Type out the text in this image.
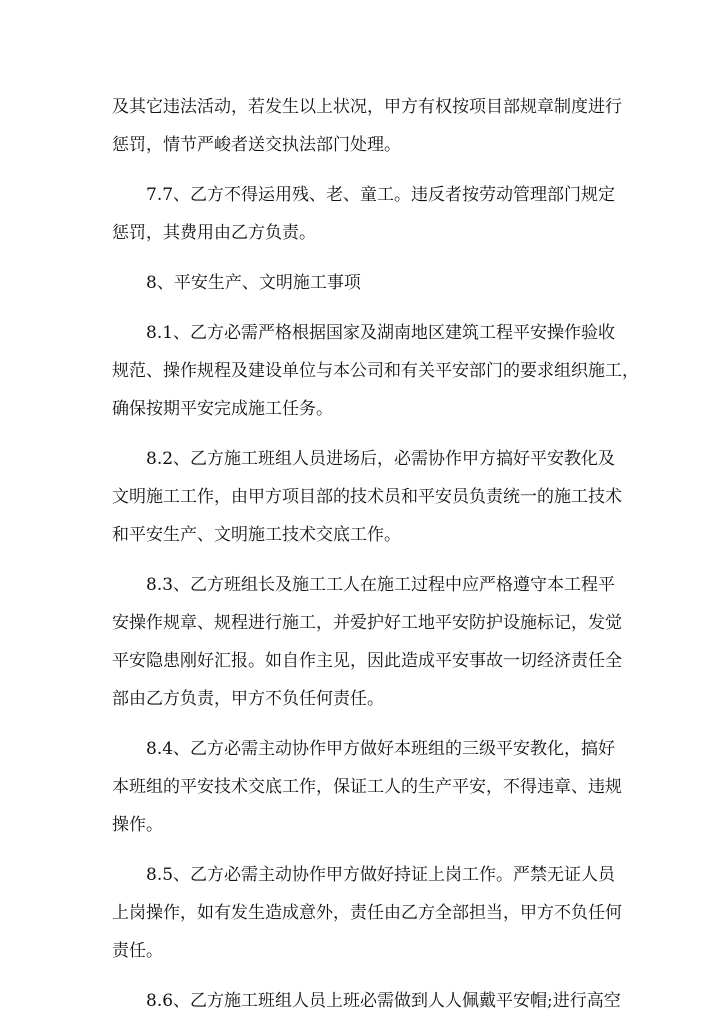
及其它违法活动，若发生以上状况，甲方有权按项目部规章制度进行
惩罚，情节严峻者送交执法部门处理。
7.7、乙方不得运用残、老、童工。违反者按劳动管理部门规定
惩罚，其费用由乙方负责。
8、平安生产、文明施工事项
8.1、乙方必需严格根据国家及湖南地区建筑工程平安操作验收
规范、操作规程及建设单位与本公司和有关平安部门的要求组织施工，
确保按期平安完成施工任务。
8.2、乙方施工班组人员进场后，必需协作甲方搞好平安教化及
文明施工工作，由甲方项目部的技术员和平安员负责统一的施工技术
和平安生产、文明施工技术交底工作。
8.3、乙方班组长及施工工人在施工过程中应严格遵守本工程平
安操作规章、规程进行施工，并爱护好工地平安防护设施标记，发觉
平安隐患刚好汇报。如自作主见，因此造成平安事故一切经济责任全
部由乙方负责，甲方不负任何责任。
8.4、乙方必需主动协作甲方做好本班组的三级平安教化，搞好
本班组的平安技术交底工作，保证工人的生产平安，不得违章、违规
操作。
8.5、乙方必需主动协作甲方做好持证上岗工作。严禁无证人员
上岗操作，如有发生造成意外，责任由乙方全部担当，甲方不负任何
责任。
8.6、乙方施工班组人员上班必需做到人人佩戴平安帽;进行高空
